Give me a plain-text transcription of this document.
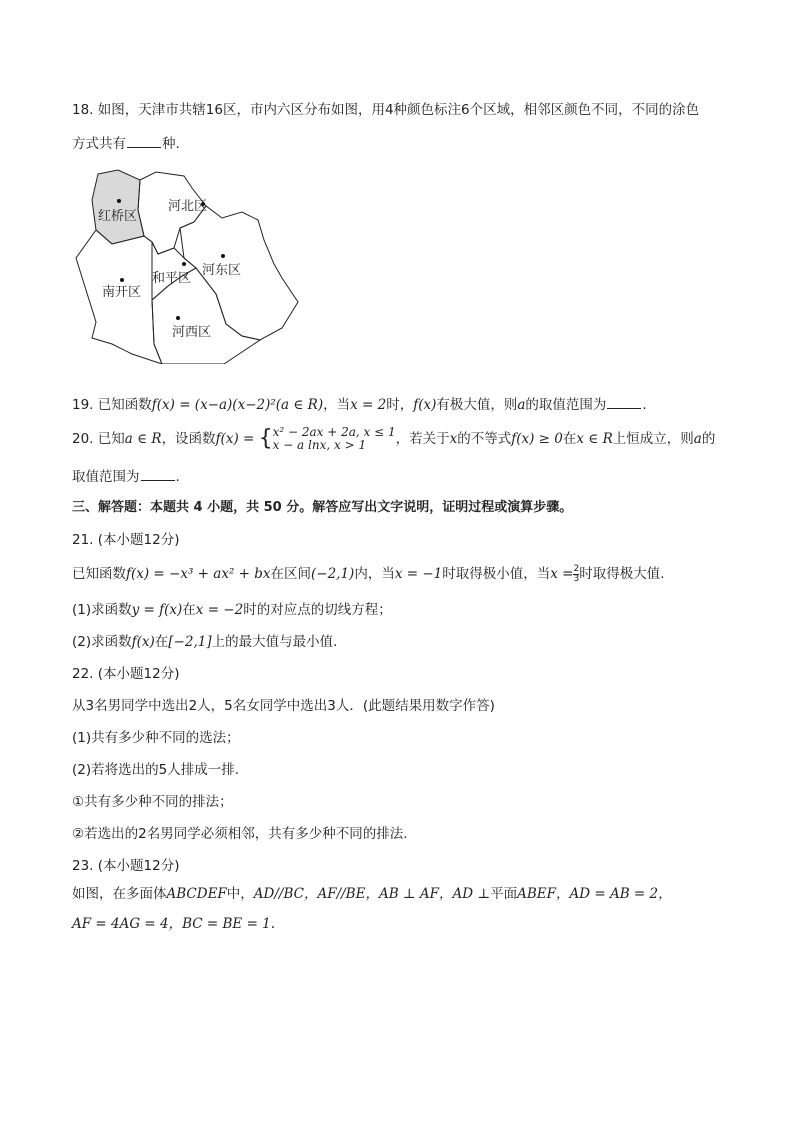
18. 如图，天津市共辖16区，市内六区分布如图，用4种颜色标注6个区域，相邻区颜色不同，不同的涂色
方式共有	种.
红桥区
河北区
和平区
河东区
南开区
河西区
19. 已知函数f(x) = (x−a)(x−2)²(a ∈ R)，当x = 2时，f(x)有极大值，则a的取值范围为	.
20. 已知a ∈ R，设函数f(x) = { x² − 2ax + 2a, x ≤ 1
x − a lnx, x > 1	，若关于x的不等式f(x) ≥ 0在x ∈ R上恒成立，则a的
取值范围为	.
三、解答题：本题共 4 小题，共 50 分。解答应写出文字说明，证明过程或演算步骤。
21. (本小题12分)
已知函数f(x) = −x³ + ax² + bx在区间(−2,1)内，当x = −1时取得极小值，当$x = \frac{2}{3}$时取得极大值.
(1)求函数y = f(x)在x = −2时的对应点的切线方程；
(2)求函数f(x)在[−2,1]上的最大值与最小值.
22. (本小题12分)
从3名男同学中选出2人，5名女同学中选出3人．(此题结果用数字作答)
(1)共有多少种不同的选法；
(2)若将选出的5人排成一排.
①共有多少种不同的排法；
②若选出的2名男同学必须相邻，共有多少种不同的排法.
23. (本小题12分)
如图，在多面体ABCDEF中，AD//BC，AF//BE，AB ⊥ AF，AD ⊥平面ABEF，AD = AB = 2，
AF = 4AG = 4，BC = BE = 1.
